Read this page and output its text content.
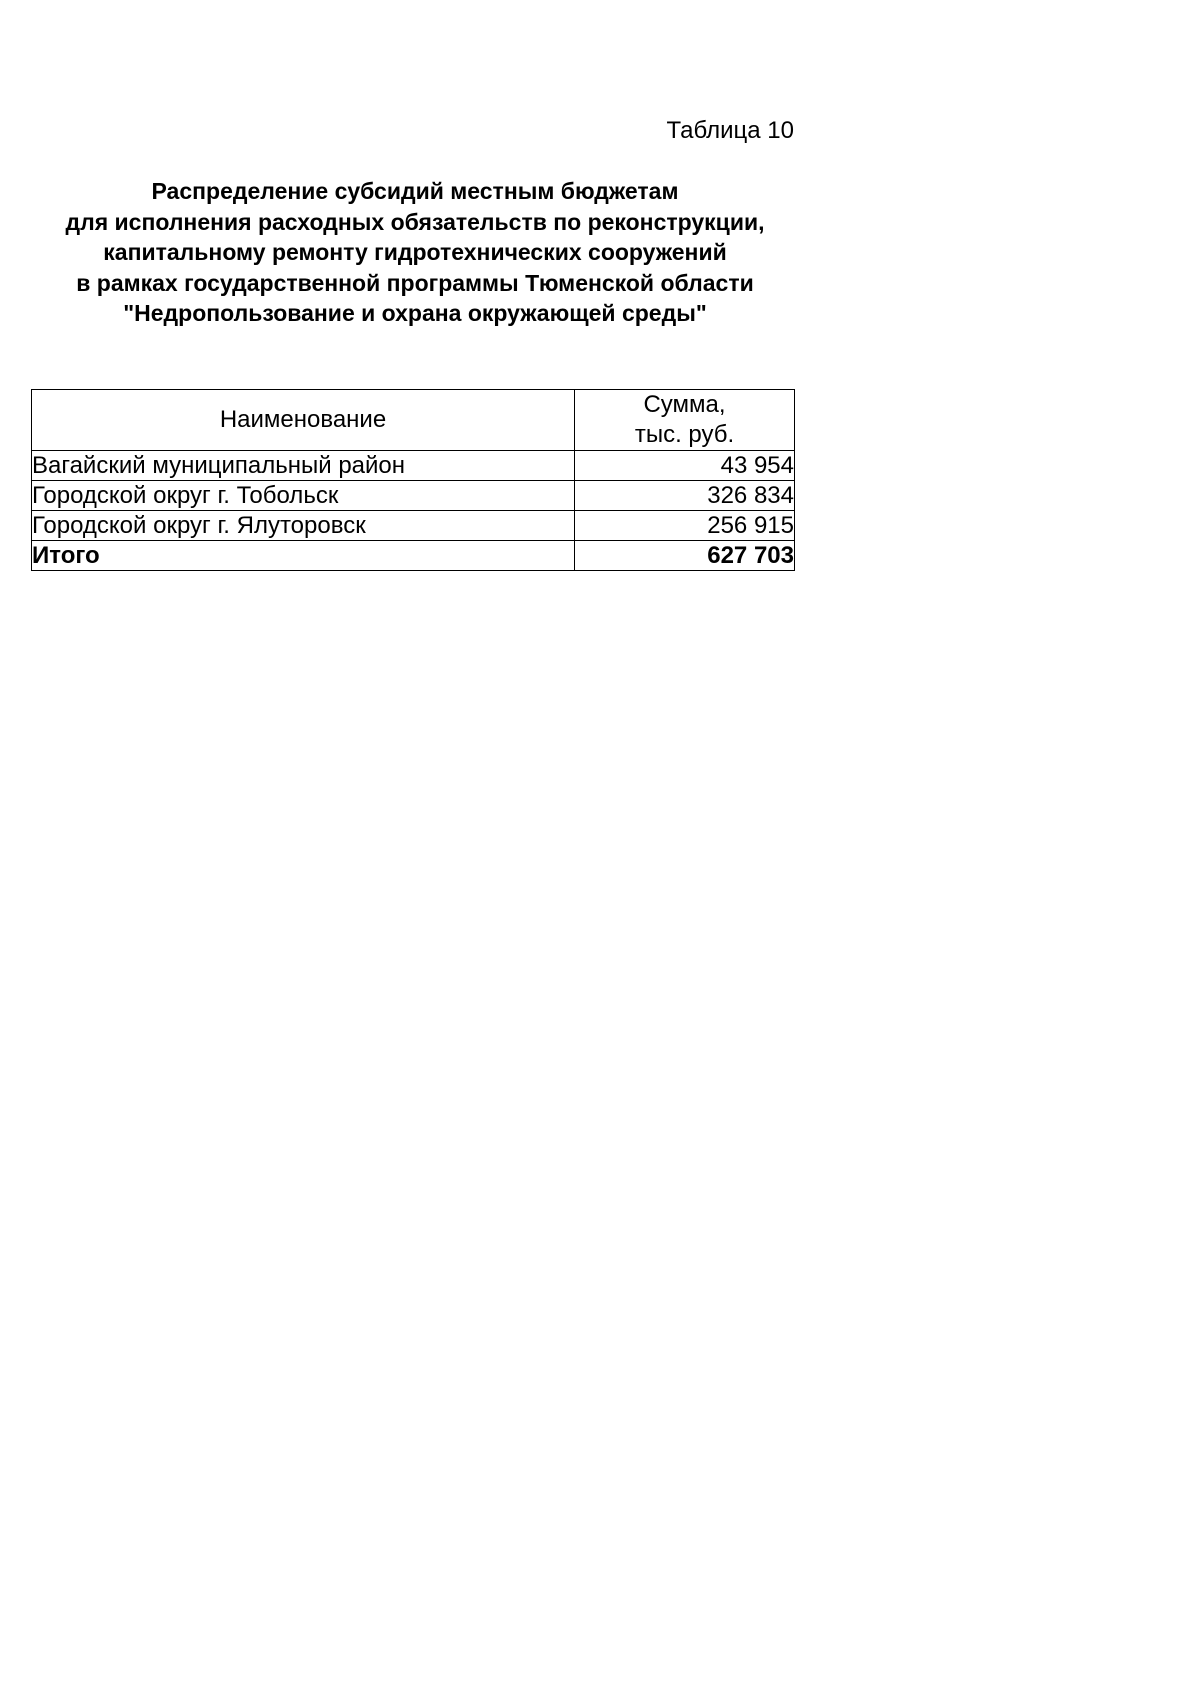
Таблица 10
Распределение субсидий местным бюджетам
для исполнения расходных обязательств по реконструкции,
капитальному ремонту гидротехнических сооружений
в рамках государственной программы Тюменской области
"Недропользование и охрана окружающей среды"
Наименование	Сумма,
тыс. руб.

Вагайский муниципальный район	43 954
Городской округ г. Тобольск	326 834
Городской округ г. Ялуторовск	256 915
Итого	627 703
